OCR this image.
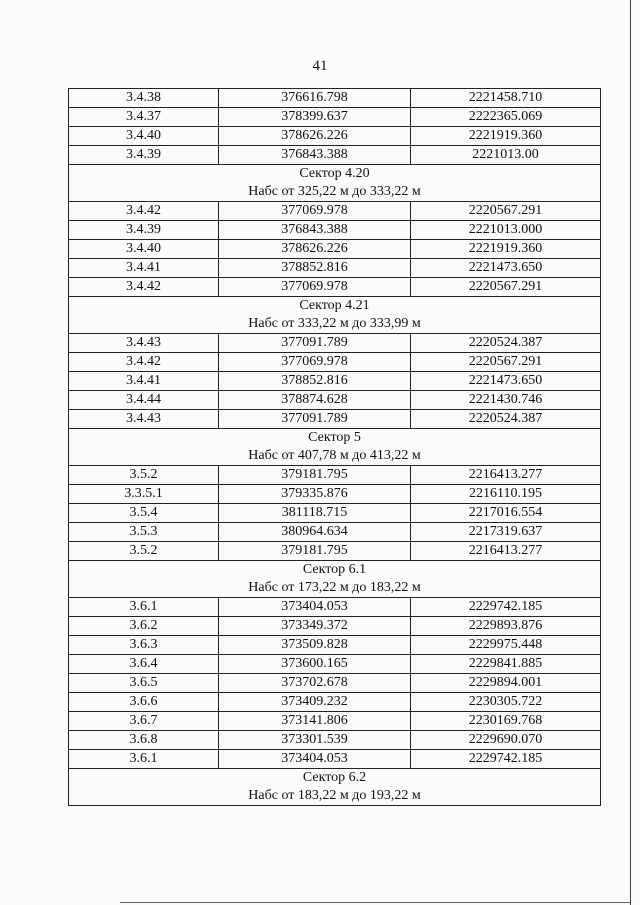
41
3.4.38	376616.798	2221458.710
3.4.37	378399.637	2222365.069
3.4.40	378626.226	2221919.360
3.4.39	376843.388	2221013.00
Сектор 4.20		
Набс от 325,22 м до 333,22 м		
3.4.42	377069.978	2220567.291
3.4.39	376843.388	2221013.000
3.4.40	378626.226	2221919.360
3.4.41	378852.816	2221473.650
3.4.42	377069.978	2220567.291
Сектор 4.21		
Набс от 333,22 м до 333,99 м		
3.4.43	377091.789	2220524.387
3.4.42	377069.978	2220567.291
3.4.41	378852.816	2221473.650
3.4.44	378874.628	2221430.746
3.4.43	377091.789	2220524.387
Сектор 5		
Набс от 407,78 м до 413,22 м		
3.5.2	379181.795	2216413.277
3.3.5.1	379335.876	2216110.195
3.5.4	381118.715	2217016.554
3.5.3	380964.634	2217319.637
3.5.2	379181.795	2216413.277
Сектор 6.1		
Набс от 173,22 м до 183,22 м		
3.6.1	373404.053	2229742.185
3.6.2	373349.372	2229893.876
3.6.3	373509.828	2229975.448
3.6.4	373600.165	2229841.885
3.6.5	373702.678	2229894.001
3.6.6	373409.232	2230305.722
3.6.7	373141.806	2230169.768
3.6.8	373301.539	2229690.070
3.6.1	373404.053	2229742.185
Сектор 6.2		
Набс от 183,22 м до 193,22 м		
